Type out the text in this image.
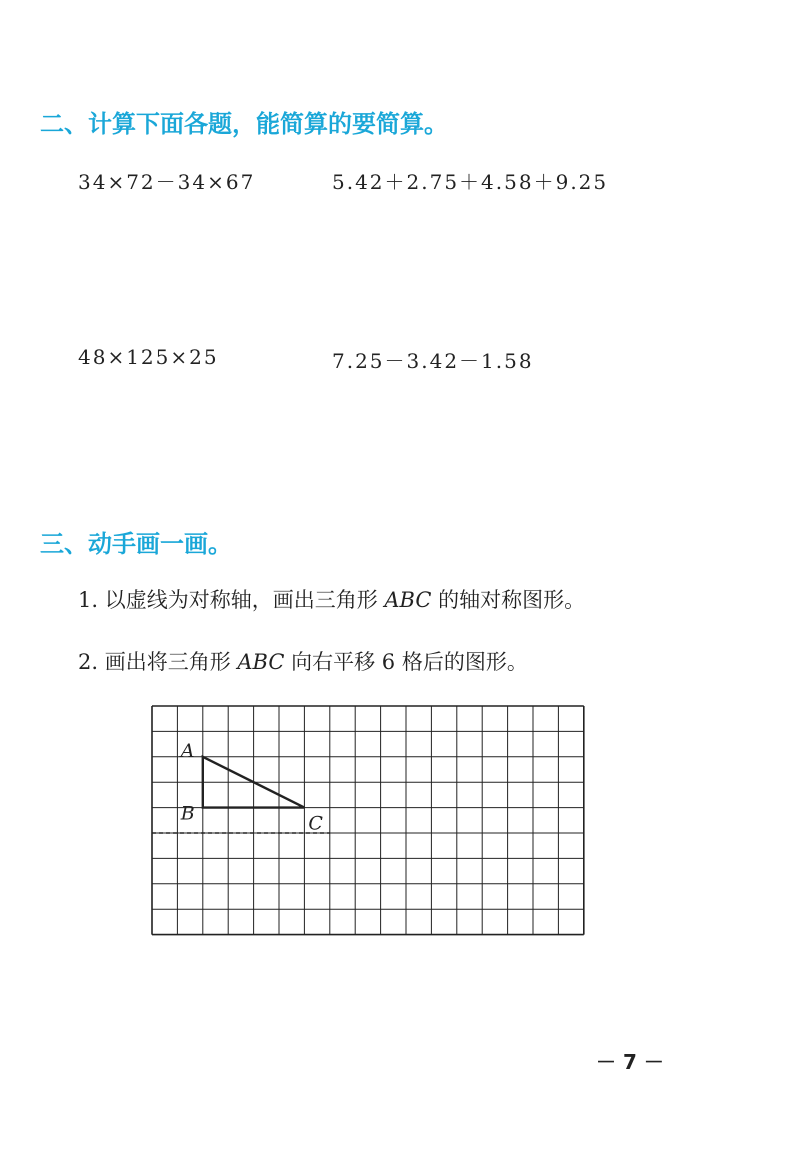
二、计算下面各题，能简算的要简算。
34×72－34×67	5.42＋2.75＋4.58＋9.25
48×125×25	7.25－3.42－1.58
三、动手画一画。
1. 以虚线为对称轴，画出三角形 ABC 的轴对称图形。
2. 画出将三角形 ABC 向右平移 6 格后的图形。
A
B	C
－ 7 －
